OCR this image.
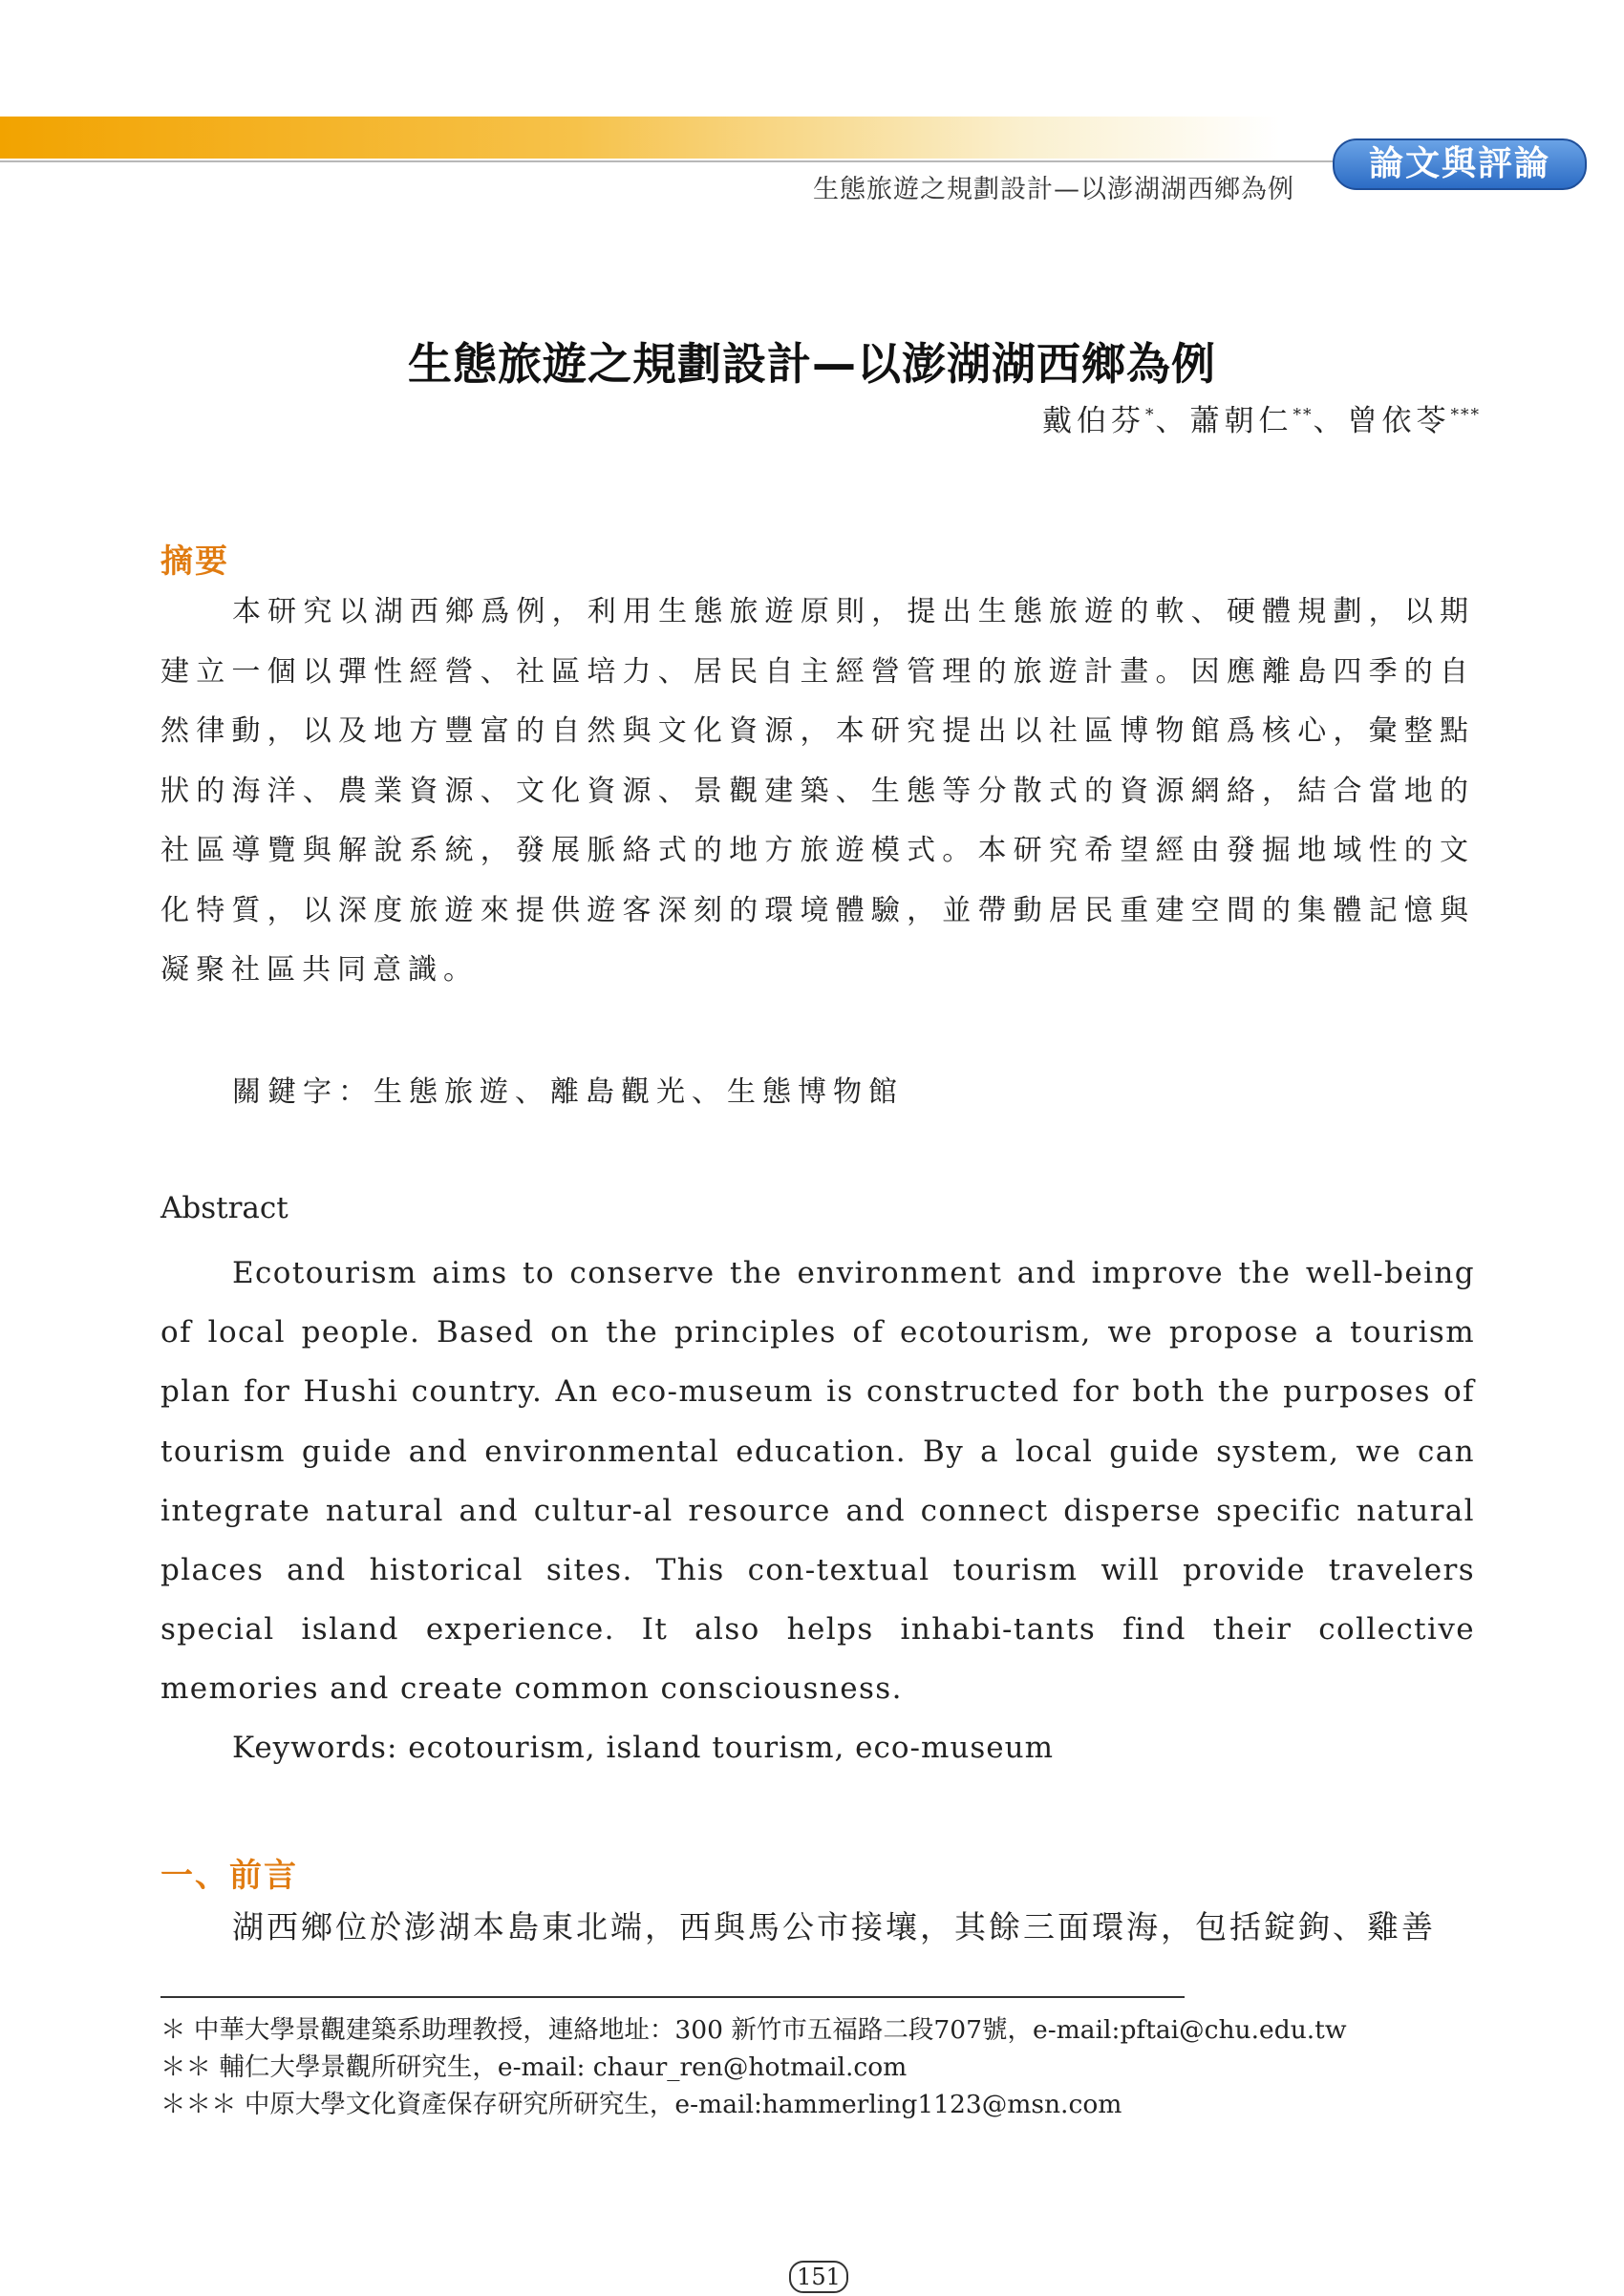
論文與評論
生態旅遊之規劃設計—以澎湖湖西鄉為例
生態旅遊之規劃設計—以澎湖湖西鄉為例
戴伯芬*、蕭朝仁**、曾依苓***
摘要

本研究以湖西鄉爲例，利用生態旅遊原則，提出生態旅遊的軟、硬體規劃，以期建立一個以彈性經營、社區培力、居民自主經營管理的旅遊計畫。因應離島四季的自然律動，以及地方豐富的自然與文化資源，本研究提出以社區博物館爲核心，彙整點狀的海洋、農業資源、文化資源、景觀建築、生態等分散式的資源網絡，結合當地的社區導覽與解說系統，發展脈絡式的地方旅遊模式。本研究希望經由發掘地域性的文化特質，以深度旅遊來提供遊客深刻的環境體驗，並帶動居民重建空間的集體記憶與凝聚社區共同意識。

關鍵字：生態旅遊、離島觀光、生態博物館
Abstract

Ecotourism aims to conserve the environment and improve the well-being of local people. Based on the principles of ecotourism, we propose a tourism plan for Hushi country. An eco-museum is constructed for both the purposes of tourism guide and environmental education. By a local guide system, we can integrate natural and cultur-al resource and connect disperse specific natural places and historical sites. This con-textual tourism will provide travelers special island experience. It also helps inhabi-tants find their collective memories and create common consciousness.

Keywords: ecotourism, island tourism, eco-museum
一、前言

湖西鄉位於澎湖本島東北端，西與馬公市接壤，其餘三面環海，包括錠鉤、雞善

＊ 中華大學景觀建築系助理教授，連絡地址：300 新竹市五福路二段707號，e-mail:pftai@chu.edu.tw
＊＊ 輔仁大學景觀所研究生，e-mail: chaur_ren@hotmail.com
＊＊＊ 中原大學文化資產保存研究所研究生，e-mail:hammerling1123@msn.com
151
